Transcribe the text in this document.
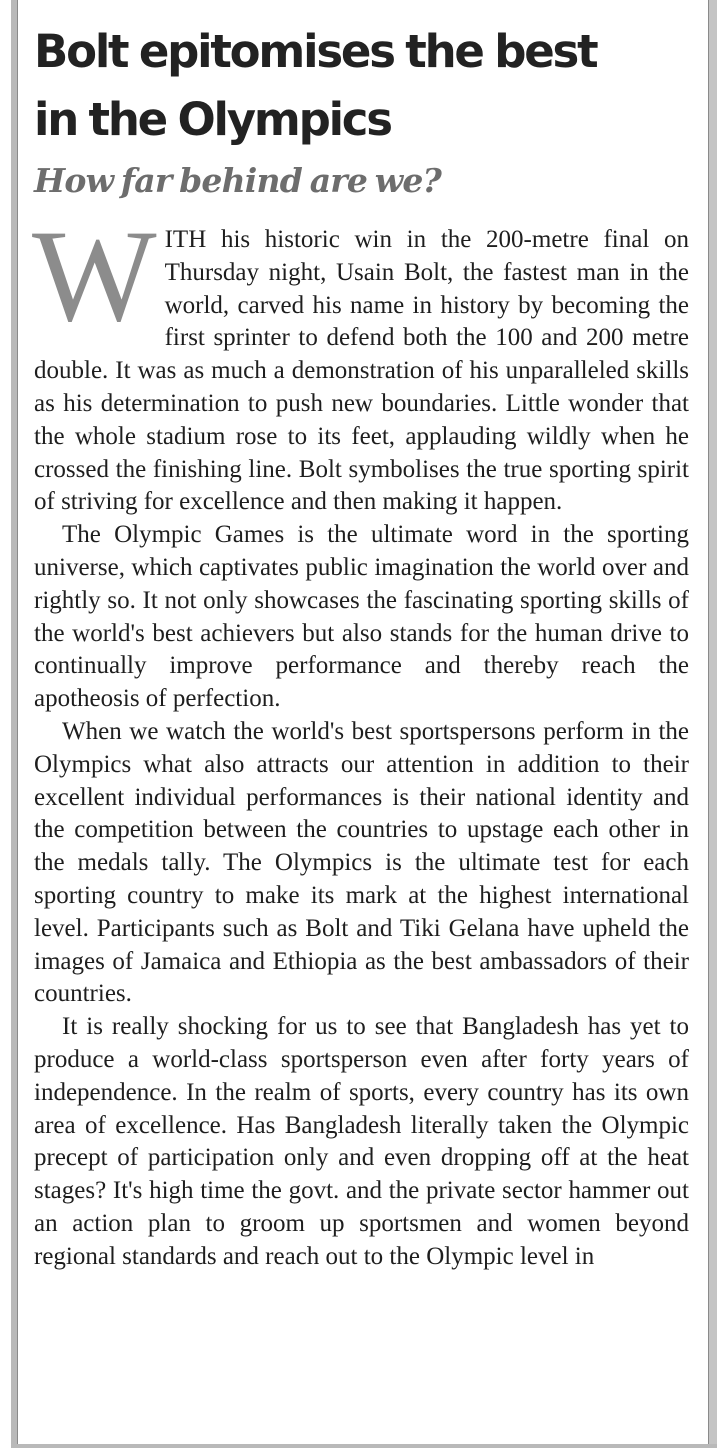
Bolt epitomises the best
in the Olympics
How far behind are we?

WITH his historic win in the 200-metre final on Thursday night, Usain Bolt, the fastest man in the world, carved his name in history by becoming the first sprinter to defend both the 100 and 200 metre double. It was as much a demonstration of his unparalleled skills as his determination to push new boundaries. Little wonder that the whole stadium rose to its feet, applauding wildly when he crossed the finishing line. Bolt symbolises the true sporting spirit of striving for excellence and then making it happen.

The Olympic Games is the ultimate word in the sporting universe, which captivates public imagination the world over and rightly so. It not only showcases the fascinating sporting skills of the world's best achievers but also stands for the human drive to continually improve performance and thereby reach the apotheosis of perfection.

When we watch the world's best sportspersons perform in the Olympics what also attracts our attention in addition to their excellent individual performances is their national identity and the competition between the countries to upstage each other in the medals tally. The Olympics is the ultimate test for each sporting country to make its mark at the highest international level. Participants such as Bolt and Tiki Gelana have upheld the images of Jamaica and Ethiopia as the best ambassadors of their countries.

It is really shocking for us to see that Bangladesh has yet to produce a world-class sportsperson even after forty years of independence. In the realm of sports, every country has its own area of excellence. Has Bangladesh literally taken the Olympic precept of participation only and even dropping off at the heat stages? It's high time the govt. and the private sector hammer out an action plan to groom up sportsmen and women beyond regional standards and reach out to the Olympic level in
